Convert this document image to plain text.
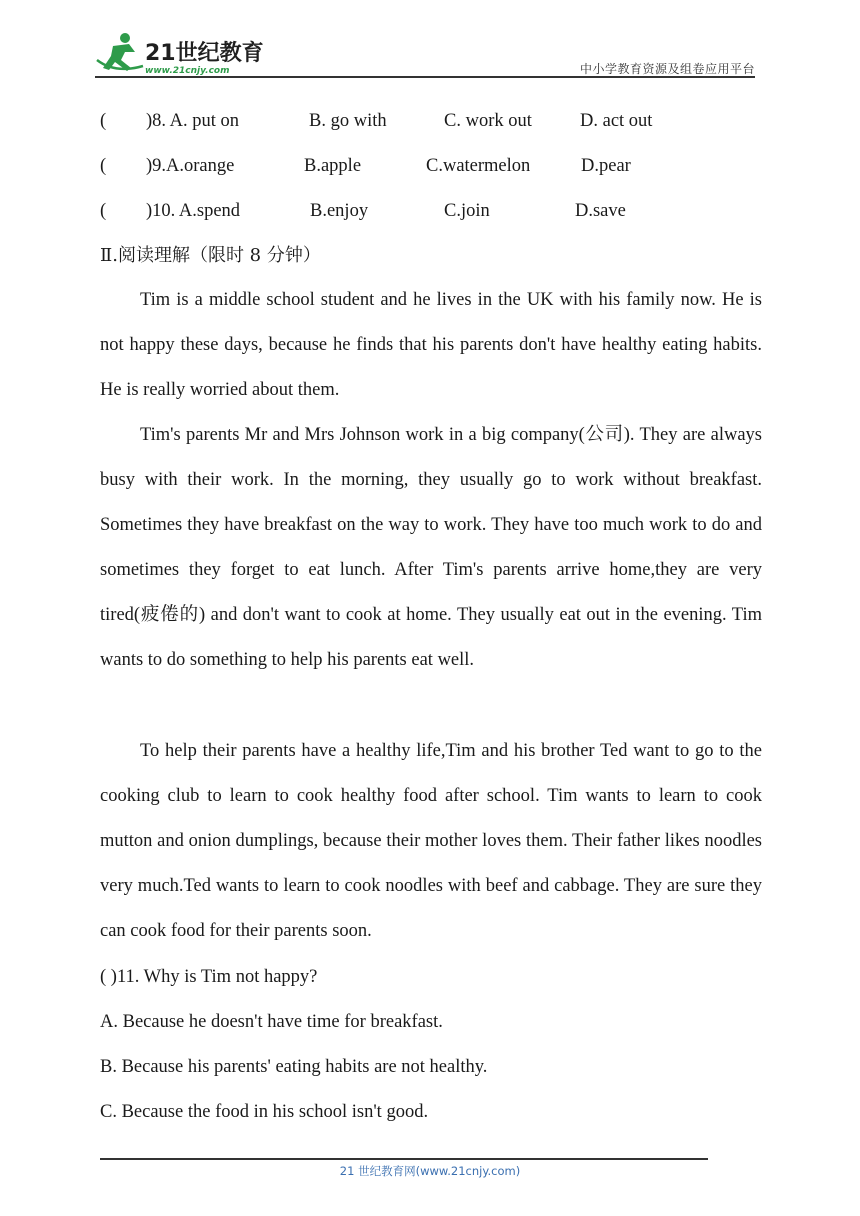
21世纪教育
www.21cnjy.com	中小学教育资源及组卷应用平台
( )8. A. put on	B. go with	C. work out	D. act out
( )9.A.orange	B.apple	C.watermelon	D.pear
( )10. A.spend	B.enjoy	C.join	D.save
Ⅱ.阅读理解（限时 8 分钟）

Tim is a middle school student and he lives in the UK with his family now. He is not happy these days, because he finds that his parents don't have healthy eating habits. He is really worried about them.

Tim's parents Mr and Mrs Johnson work in a big company(公司). They are always busy with their work. In the morning, they usually go to work without breakfast. Sometimes they have breakfast on the way to work. They have too much work to do and sometimes they forget to eat lunch. After Tim's parents arrive home,they are very tired(疲倦的) and don't want to cook at home. They usually eat out in the evening. Tim wants to do something to help his parents eat well.

To help their parents have a healthy life,Tim and his brother Ted want to go to the cooking club to learn to cook healthy food after school. Tim wants to learn to cook mutton and onion dumplings, because their mother loves them. Their father likes noodles very much.Ted wants to learn to cook noodles with beef and cabbage. They are sure they can cook food for their parents soon.

( )11. Why is Tim not happy?
A. Because he doesn't have time for breakfast.
B. Because his parents' eating habits are not healthy.
C. Because the food in his school isn't good.
21 世纪教育网(www.21cnjy.com)
